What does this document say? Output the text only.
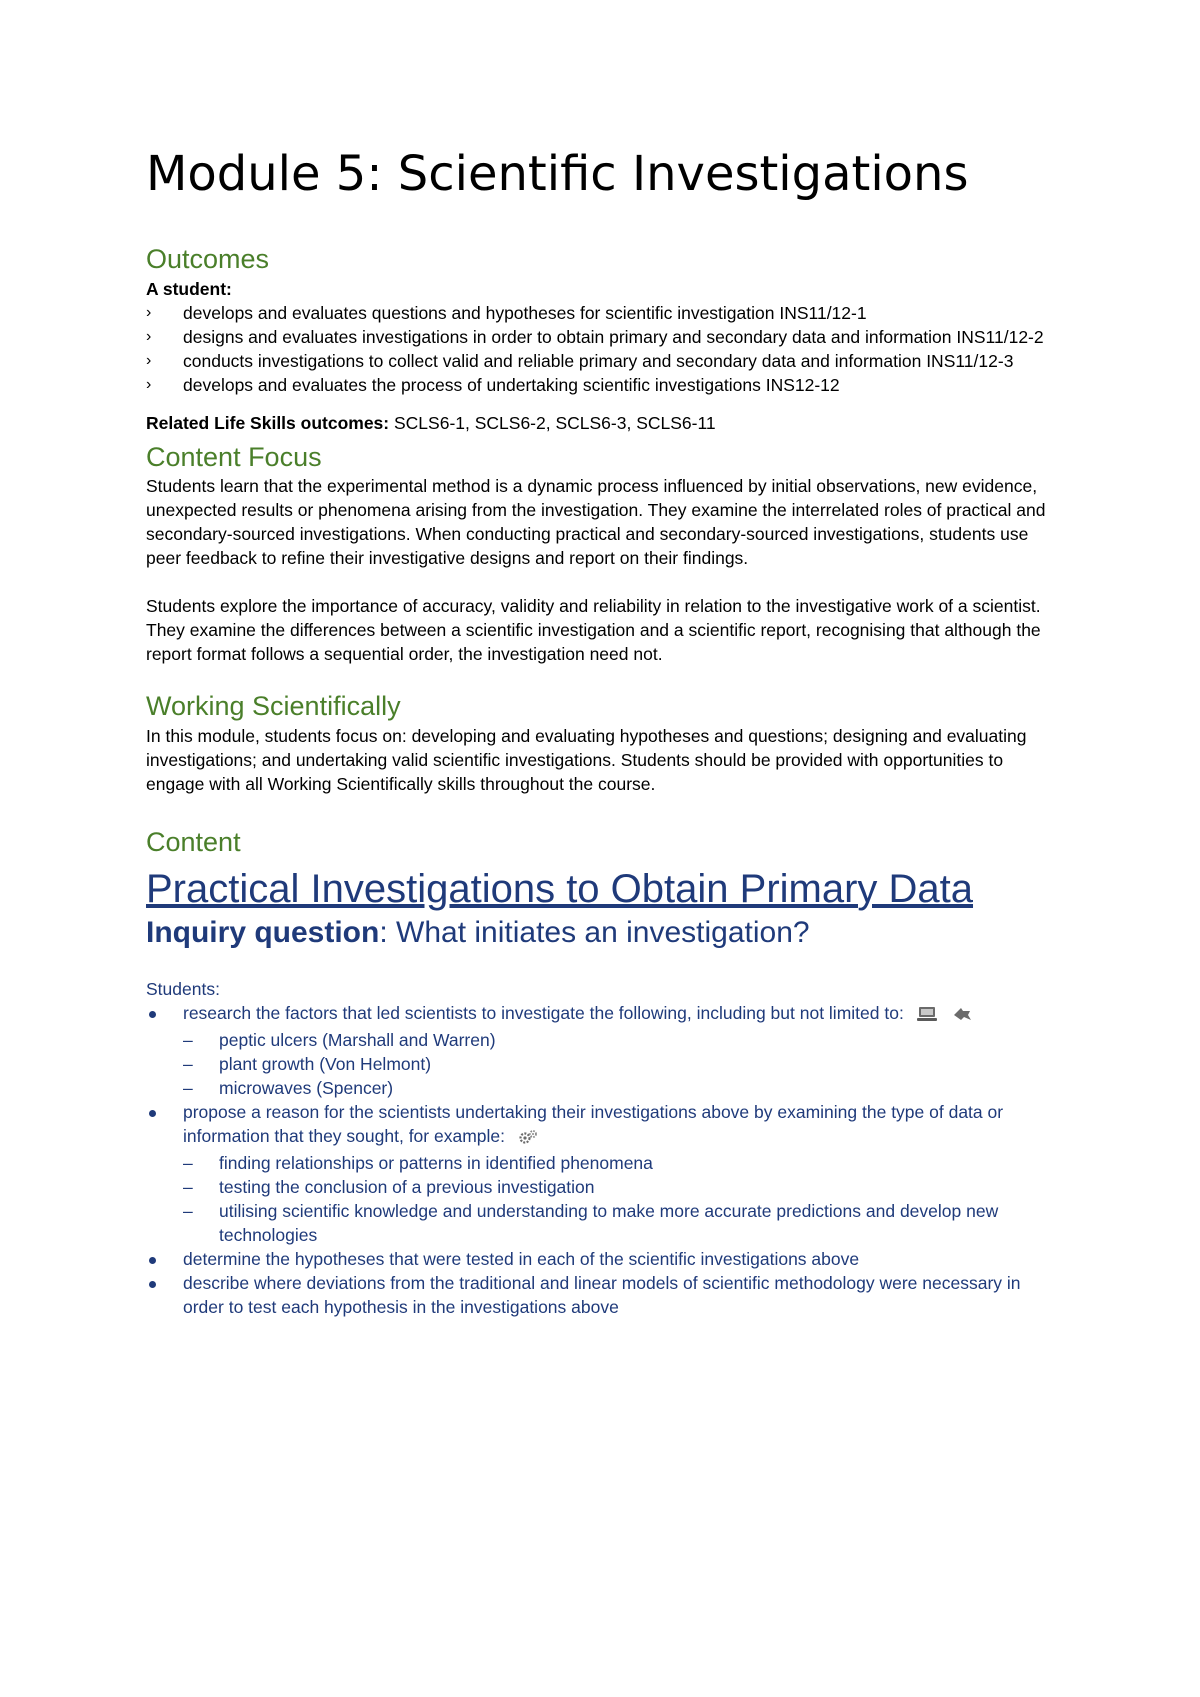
Module 5: Scientific Investigations
Outcomes

A student:

› develops and evaluates questions and hypotheses for scientific investigation INS11/12-1
› designs and evaluates investigations in order to obtain primary and secondary data and information INS11/12-2
› conducts investigations to collect valid and reliable primary and secondary data and information INS11/12-3
› develops and evaluates the process of undertaking scientific investigations INS12-12

Related Life Skills outcomes: SCLS6-1, SCLS6-2, SCLS6-3, SCLS6-11

Content Focus

Students learn that the experimental method is a dynamic process influenced by initial observations, new evidence, unexpected results or phenomena arising from the investigation. They examine the interrelated roles of practical and secondary-sourced investigations. When conducting practical and secondary-sourced investigations, students use peer feedback to refine their investigative designs and report on their findings.

Students explore the importance of accuracy, validity and reliability in relation to the investigative work of a scientist. They examine the differences between a scientific investigation and a scientific report, recognising that although the report format follows a sequential order, the investigation need not.

Working Scientifically

In this module, students focus on: developing and evaluating hypotheses and questions; designing and evaluating investigations; and undertaking valid scientific investigations. Students should be provided with opportunities to engage with all Working Scientifically skills throughout the course.

Content

Practical Investigations to Obtain Primary Data

Inquiry question: What initiates an investigation?

Students:

research the factors that led scientists to investigate the following, including but not limited to:
– peptic ulcers (Marshall and Warren)
– plant growth (Von Helmont)
– microwaves (Spencer)
propose a reason for the scientists undertaking their investigations above by examining the type of data or information that they sought, for example:
– finding relationships or patterns in identified phenomena
– testing the conclusion of a previous investigation
– utilising scientific knowledge and understanding to make more accurate predictions and develop new technologies
determine the hypotheses that were tested in each of the scientific investigations above
describe where deviations from the traditional and linear models of scientific methodology were necessary in order to test each hypothesis in the investigations above
